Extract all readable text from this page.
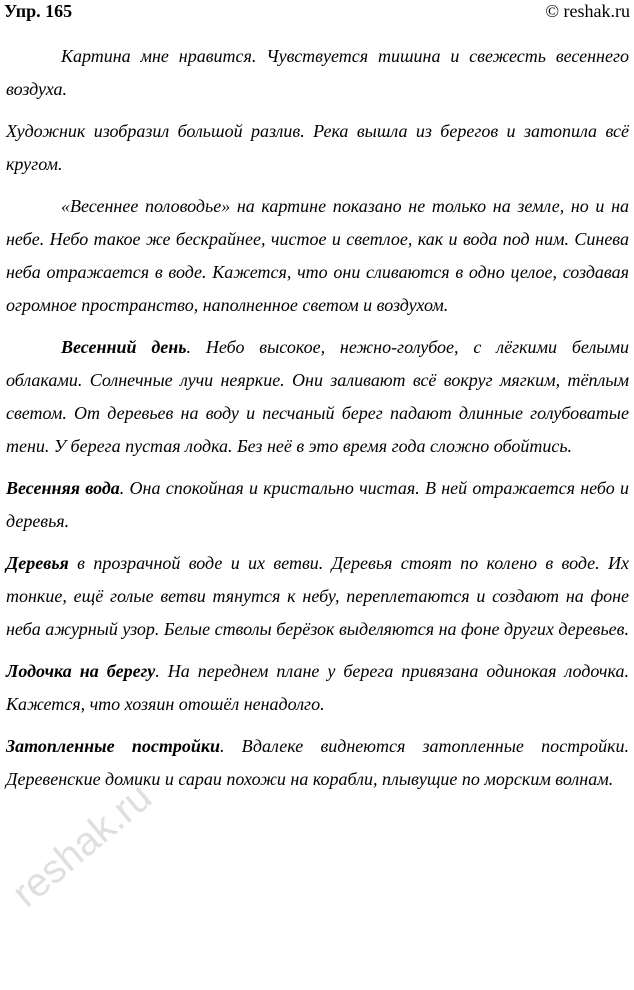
Упр. 165	© reshak.ru

• Картина мне нравится. Чувствуется тишина и свежесть весеннего воздуха.

Художник изобразил большой разлив. Река вышла из берегов и затопила всё кругом.

• «Весеннее половодье» на картине показано не только на земле, но и на небе. Небо такое же бескрайнее, чистое и светлое, как и вода под ним. Синева неба отражается в воде. Кажется, что они сливаются в одно целое, создавая огромное пространство, наполненное светом и воздухом.

• Весенний день. Небо высокое, нежно-голубое, с лёгкими белыми облаками. Солнечные лучи неяркие. Они заливают всё вокруг мягким, тёплым светом. От деревьев на воду и песчаный берег падают длинные голубоватые тени. У берега пустая лодка. Без неё в это время года сложно обойтись.

Весенняя вода. Она спокойная и кристально чистая. В ней отражается небо и деревья.

Деревья в прозрачной воде и их ветви. Деревья стоят по колено в воде. Их тонкие, ещё голые ветви тянутся к небу, переплетаются и создают на фоне неба ажурный узор. Белые стволы берёзок выделяются на фоне других деревьев.

Лодочка на берегу. На переднем плане у берега привязана одинокая лодочка. Кажется, что хозяин отошёл ненадолго.

Затопленные постройки. Вдалеке виднеются затопленные постройки. Деревенские домики и сараи похожи на корабли, плывущие по морским волнам.

reshak.ru
